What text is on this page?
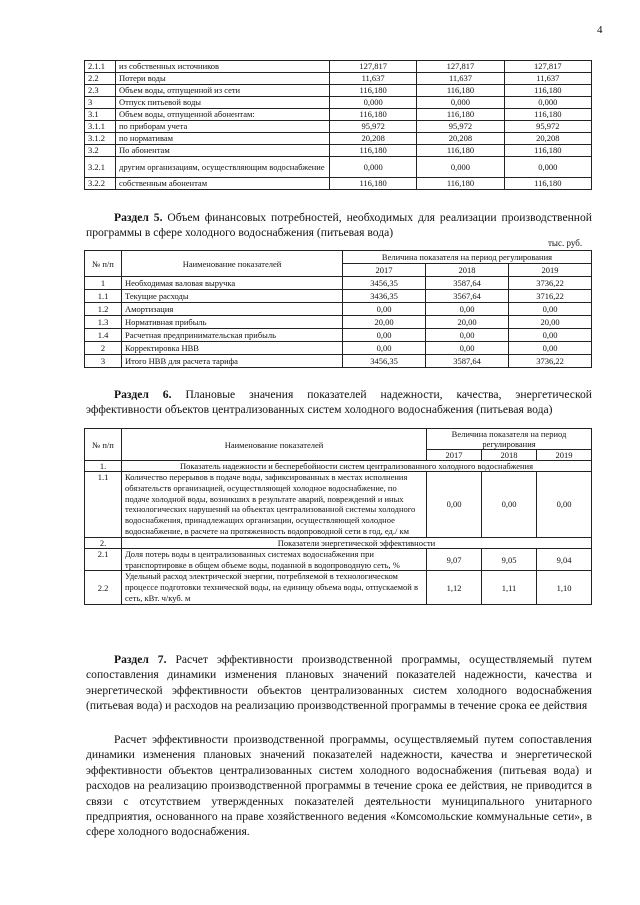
4
2.1.1	из собственных источников	127,817	127,817	127,817
2.2	Потери воды	11,637	11,637	11,637
2.3	Объем воды, отпущенной из сети	116,180	116,180	116,180
3	Отпуск питьевой воды	0,000	0,000	0,000
3.1	Объем воды, отпущенной абонентам:	116,180	116,180	116,180
3.1.1	по приборам учета	95,972	95,972	95,972
3.1.2	по нормативам	20,208	20,208	20,208
3.2	По абонентам	116,180	116,180	116,180
3.2.1	другим организациям, осуществляющим водоснабжение	0,000	0,000	0,000
3.2.2	собственным абонентам	116,180	116,180	116,180
Раздел 5. Объем финансовых потребностей, необходимых для реализации производственной программы в сфере холодного водоснабжения (питьевая вода)
тыс. руб.
№ п/п	Наименование показателей	Величина показателя на период регулирования		
		2017	2018	2019
1	Необходимая валовая выручка	3456,35	3587,64	3736,22
1.1	Текущие расходы	3436,35	3567,64	3716,22
1.2	Амортизация	0,00	0,00	0,00
1.3	Нормативная прибыль	20,00	20,00	20,00
1.4	Расчетная предпринимательская прибыль	0,00	0,00	0,00
2	Корректировка НВВ	0,00	0,00	0,00
3	Итого НВВ для расчета тарифа	3456,35	3587,64	3736,22
Раздел 6. Плановые значения показателей надежности, качества, энергетической эффективности объектов централизованных систем холодного водоснабжения (питьевая вода)
№ п/п	Наименование показателей	Величина показателя на период регулирования		
		2017	2018	2019
1.	Показатель надежности и бесперебойности систем централизованного холодного водоснабжения			
1.1	Количество перерывов в подаче воды, зафиксированных в местах исполнения обязательств организацией, осуществляющей холодное водоснабжение, по подаче холодной воды, возникших в результате аварий, повреждений и иных технологических нарушений на объектах централизованной системы холодного водоснабжения, принадлежащих организации, осуществляющей холодное водоснабжение, в расчете на протяженность водопроводной сети в год, ед./ км	0,00	0,00	0,00
2.	Показатели энергетической эффективности			
2.1	Доля потерь воды в централизованных системах водоснабжения при транспортировке в общем объеме воды, поданной в водопроводную сеть, %	9,07	9,05	9,04
2.2	Удельный расход электрической энергии, потребляемой в технологическом процессе подготовки технической воды, на единицу объема воды, отпускаемой в сеть, кВт. ч/куб. м	1,12	1,11	1,10
Раздел 7. Расчет эффективности производственной программы, осуществляемый путем сопоставления динамики изменения плановых значений показателей надежности, качества и энергетической эффективности объектов централизованных систем холодного водоснабжения (питьевая вода) и расходов на реализацию производственной программы в течение срока ее действия
Расчет эффективности производственной программы, осуществляемый путем сопоставления динамики изменения плановых значений показателей надежности, качества и энергетической эффективности объектов централизованных систем холодного водоснабжения (питьевая вода) и расходов на реализацию производственной программы в течение срока ее действия, не приводится в связи с отсутствием утвержденных показателей деятельности муниципального унитарного предприятия, основанного на праве хозяйственного ведения «Комсомольские коммунальные сети», в сфере холодного водоснабжения.
